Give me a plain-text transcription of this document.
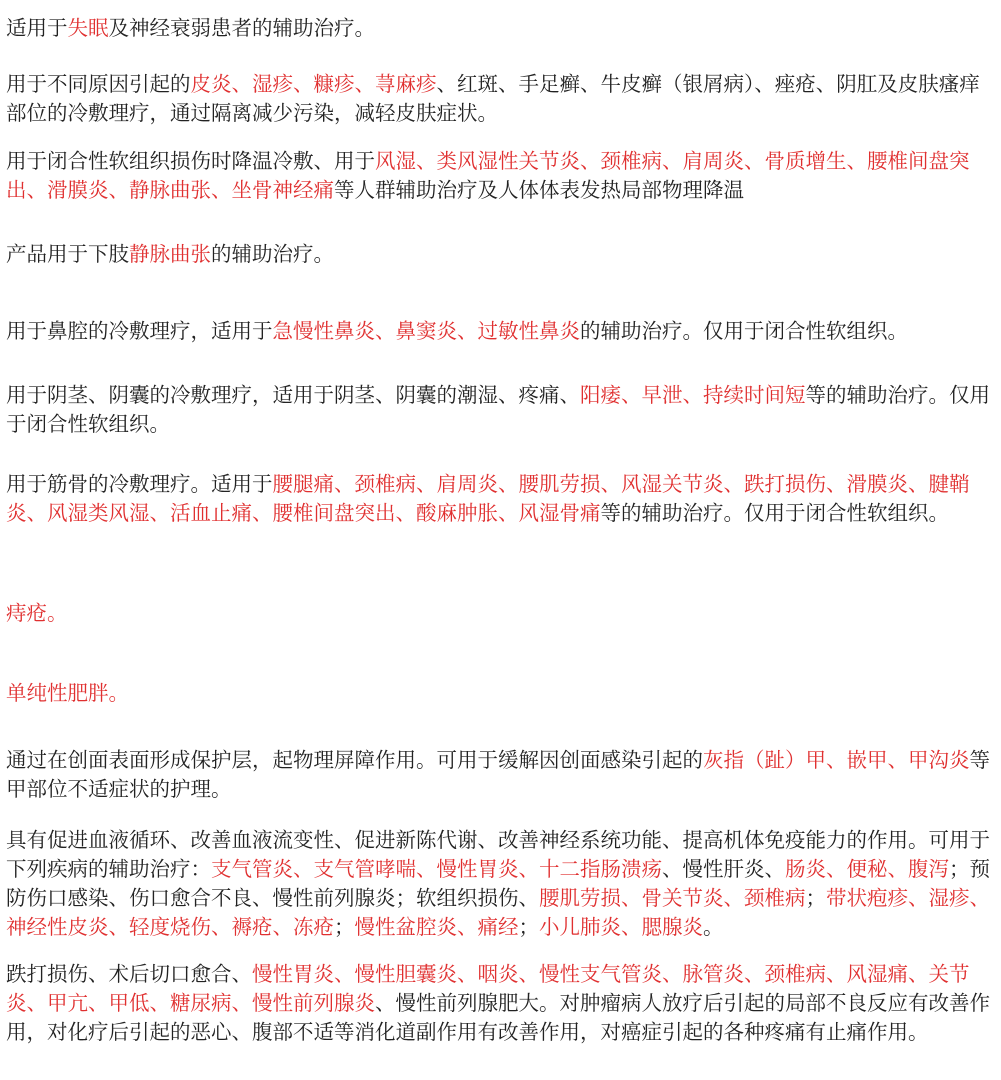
适用于失眠及神经衰弱患者的辅助治疗。

用于不同原因引起的皮炎、湿疹、糠疹、荨麻疹、红斑、手足癣、牛皮癣（银屑病）、痤疮、阴肛及皮肤瘙痒部位的冷敷理疗，通过隔离减少污染，减轻皮肤症状。

用于闭合性软组织损伤时降温冷敷、用于风湿、类风湿性关节炎、颈椎病、肩周炎、骨质增生、腰椎间盘突出、滑膜炎、静脉曲张、坐骨神经痛等人群辅助治疗及人体体表发热局部物理降温

产品用于下肢静脉曲张的辅助治疗。

用于鼻腔的冷敷理疗，适用于急慢性鼻炎、鼻窦炎、过敏性鼻炎的辅助治疗。仅用于闭合性软组织。

用于阴茎、阴囊的冷敷理疗，适用于阴茎、阴囊的潮湿、疼痛、阳痿、早泄、持续时间短等的辅助治疗。仅用于闭合性软组织。

用于筋骨的冷敷理疗。适用于腰腿痛、颈椎病、肩周炎、腰肌劳损、风湿关节炎、跌打损伤、滑膜炎、腱鞘炎、风湿类风湿、活血止痛、腰椎间盘突出、酸麻肿胀、风湿骨痛等的辅助治疗。仅用于闭合性软组织。

痔疮。

单纯性肥胖。

通过在创面表面形成保护层，起物理屏障作用。可用于缓解因创面感染引起的灰指（趾）甲、嵌甲、甲沟炎等甲部位不适症状的护理。

具有促进血液循环、改善血液流变性、促进新陈代谢、改善神经系统功能、提高机体免疫能力的作用。可用于下列疾病的辅助治疗：支气管炎、支气管哮喘、慢性胃炎、十二指肠溃疡、慢性肝炎、肠炎、便秘、腹泻；预防伤口感染、伤口愈合不良、慢性前列腺炎；软组织损伤、腰肌劳损、骨关节炎、颈椎病；带状疱疹、湿疹、神经性皮炎、轻度烧伤、褥疮、冻疮；慢性盆腔炎、痛经；小儿肺炎、腮腺炎。

跌打损伤、术后切口愈合、慢性胃炎、慢性胆囊炎、咽炎、慢性支气管炎、脉管炎、颈椎病、风湿痛、关节炎、甲亢、甲低、糖尿病、慢性前列腺炎、慢性前列腺肥大。对肿瘤病人放疗后引起的局部不良反应有改善作用，对化疗后引起的恶心、腹部不适等消化道副作用有改善作用，对癌症引起的各种疼痛有止痛作用。
